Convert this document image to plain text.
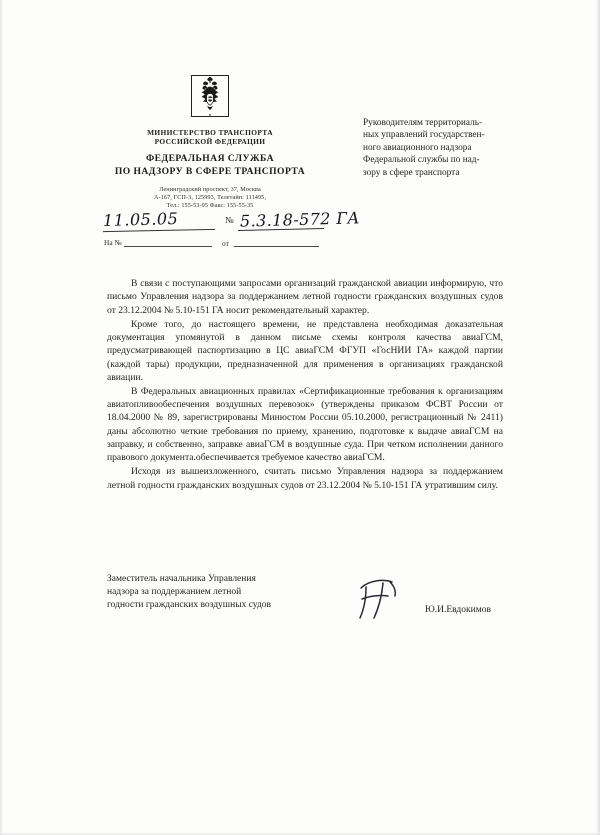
МИНИСТЕРСТВО ТРАНСПОРТА
РОССИЙСКОЙ ФЕДЕРАЦИИ
ФЕДЕРАЛЬНАЯ СЛУЖБА
ПО НАДЗОРУ В СФЕРЕ ТРАНСПОРТА
Ленинградский проспект, 37, Москва
А-167, ГСП-3, 125993, Телетайп: 111495,
Тел.: 155-53-95 Факс: 155-55-35
11.05.05	№ 5.3.18-572 ГА
На №	от
Руководителям территориаль-
ных управлений государствен-
ного авиационного надзора
Федеральной службы по над-
зору в сфере транспорта

В связи с поступающими запросами организаций гражданской авиации информирую, что письмо Управления надзора за поддержанием летной годности гражданских воздушных судов от 23.12.2004 № 5.10-151 ГА носит рекомендательный характер.

Кроме того, до настоящего времени, не представлена необходимая доказательная документация упомянутой в данном письме схемы контроля качества авиаГСМ, предусматривающей паспортизацию в ЦС авиаГСМ ФГУП «ГосНИИ ГА» каждой партии (каждой тары) продукции, предназначенной для применения в организациях гражданской авиации.

В Федеральных авиационных правилах «Сертификационные требования к организациям авиатопливообеспечения воздушных перевозок» (утверждены приказом ФСВТ России от 18.04.2000 № 89, зарегистрированы Минюстом России 05.10.2000, регистрационный № 2411) даны абсолютно четкие требования по приему, хранению, подготовке к выдаче авиаГСМ на заправку, и собственно, заправке авиаГСМ в воздушные суда. При четком исполнении данного правового документа.обеспечивается требуемое качество авиаГСМ.

Исходя из вышеизложенного, считать письмо Управления надзора за поддержанием летной годности гражданских воздушных судов от 23.12.2004 № 5.10-151 ГА утратившим силу.

Заместитель начальника Управления
надзора за поддержанием летной
годности гражданских воздушных судов	Ю.И.Евдокимов
